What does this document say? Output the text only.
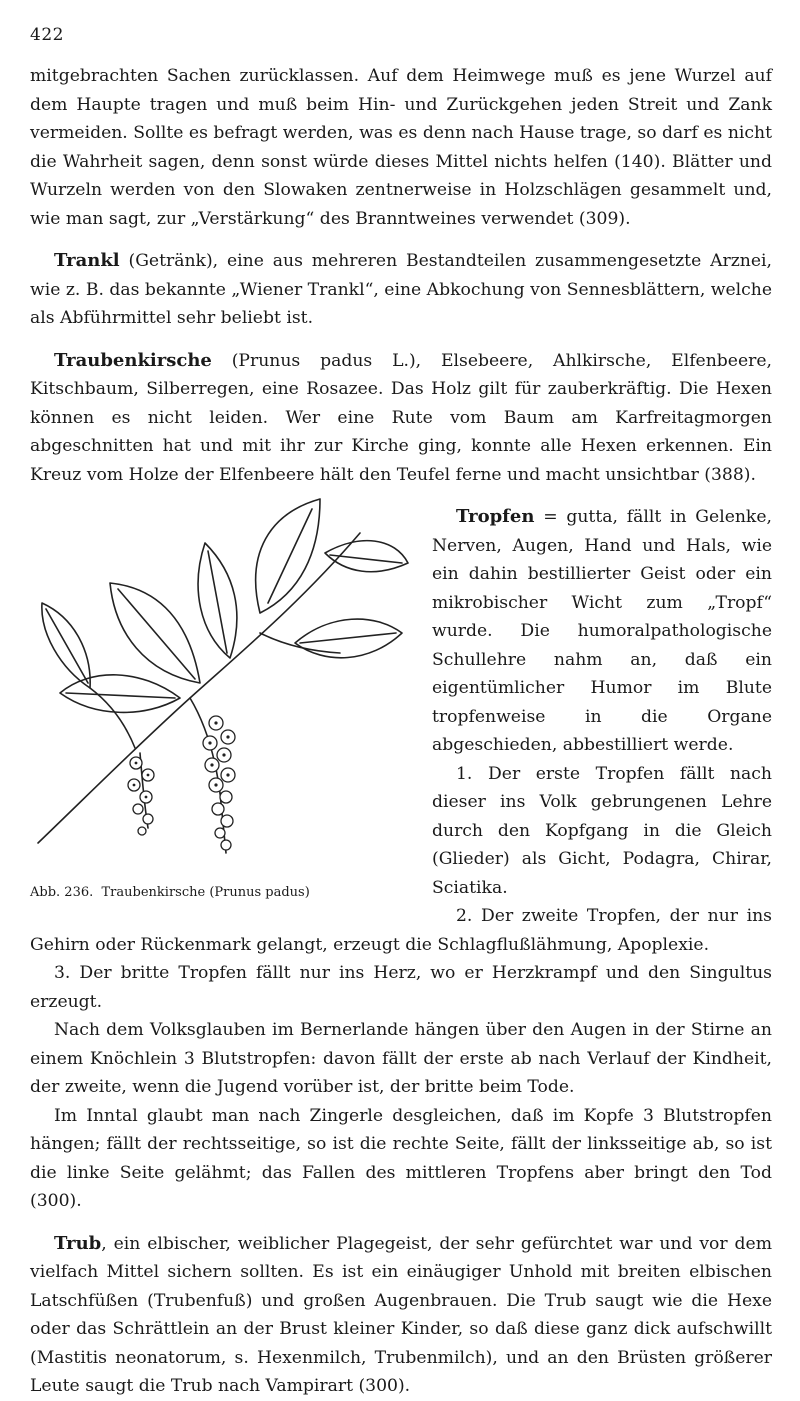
422

mitgebrachten Sachen zurücklassen. Auf dem Heimwege muß es jene Wurzel auf dem Haupte tragen und muß beim Hin- und Zurückgehen jeden Streit und Zank vermeiden. Sollte es befragt werden, was es denn nach Hause trage, so darf es nicht die Wahrheit sagen, denn sonst würde dieses Mittel nichts helfen (140). Blätter und Wurzeln werden von den Slowaken zentnerweise in Holzschlägen gesammelt und, wie man sagt, zur „Verstärkung“ des Branntweines verwendet (309).

Trankl (Getränk), eine aus mehreren Bestandteilen zusammengesetzte Arznei, wie z. B. das bekannte „Wiener Trankl“, eine Abkochung von Sennesblättern, welche als Abführmittel sehr beliebt ist.

Traubenkirsche (Prunus padus L.), Elsebeere, Ahlkirsche, Elfenbeere, Kitschbaum, Silberregen, eine Rosazee. Das Holz gilt für zauberkräftig. Die Hexen können es nicht leiden. Wer eine Rute vom Baum am Karfreitagmorgen abgeschnitten hat und mit ihr zur Kirche ging, konnte alle Hexen erkennen. Ein Kreuz vom Holze der Elfenbeere hält den Teufel ferne und macht unsichtbar (388).

Abb. 236. Traubenkirsche (Prunus padus)

Tropfen = gutta, fällt in Gelenke, Nerven, Augen, Hand und Hals, wie ein dahin bestillierter Geist oder ein mikrobischer Wicht zum „Tropf“ wurde. Die humoralpathologische Schullehre nahm an, daß ein eigentümlicher Humor im Blute tropfenweise in die Organe abgeschieden, abbestilliert werde.

1. Der erste Tropfen fällt nach dieser ins Volk gebrungenen Lehre durch den Kopfgang in die Gleich (Glieder) als Gicht, Podagra, Chirar, Sciatika.

2. Der zweite Tropfen, der nur ins Gehirn oder Rückenmark gelangt, erzeugt die Schlagflußlähmung, Apoplexie.

3. Der britte Tropfen fällt nur ins Herz, wo er Herzkrampf und den Singultus erzeugt.

Nach dem Volksglauben im Bernerlande hängen über den Augen in der Stirne an einem Knöchlein 3 Blutstropfen: davon fällt der erste ab nach Verlauf der Kindheit, der zweite, wenn die Jugend vorüber ist, der britte beim Tode.

Im Inntal glaubt man nach Zingerle desgleichen, daß im Kopfe 3 Blutstropfen hängen; fällt der rechtsseitige, so ist die rechte Seite, fällt der linksseitige ab, so ist die linke Seite gelähmt; das Fallen des mittleren Tropfens aber bringt den Tod (300).

Trub, ein elbischer, weiblicher Plagegeist, der sehr gefürchtet war und vor dem vielfach Mittel sichern sollten. Es ist ein einäugiger Unhold mit breiten elbischen Latschfüßen (Trubenfuß) und großen Augenbrauen. Die Trub saugt wie die Hexe oder das Schrättlein an der Brust kleiner Kinder, so daß diese ganz dick aufschwillt (Mastitis neonatorum, s. Hexenmilch, Trubenmilch), und an den Brüsten größerer Leute saugt die Trub nach Vampirart (300).
